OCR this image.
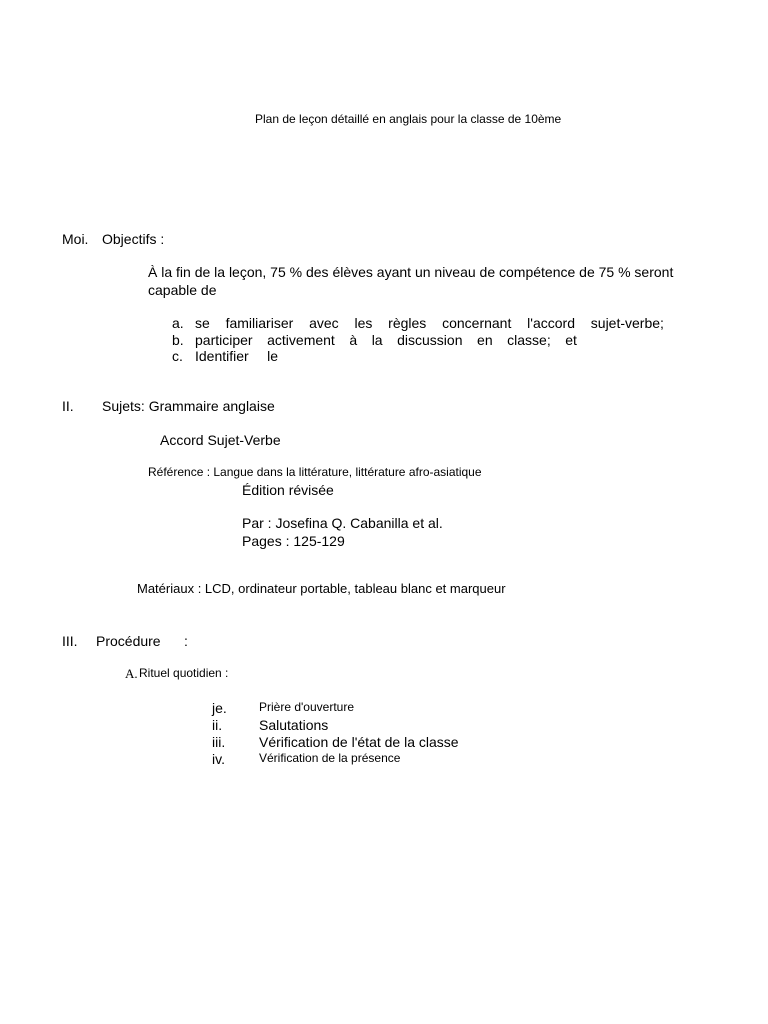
Plan de leçon détaillé en anglais pour la classe de 10ème
Moi. Objectifs :
À la fin de la leçon, 75 % des élèves ayant un niveau de compétence de 75 % seront
capable de
a. se familiariser avec les règles concernant l'accord sujet-verbe;
b. participer activement à la discussion en classe; et
c. Identifier le
II. Sujets: Grammaire anglaise
Accord Sujet-Verbe
Référence : Langue dans la littérature, littérature afro-asiatique
Édition révisée
Par : Josefina Q. Cabanilla et al.
Pages : 125-129
Matériaux : LCD, ordinateur portable, tableau blanc et marqueur
III. Procédure :
A. Rituel quotidien :
je.	Prière d'ouverture
ii.	Salutations
iii. Vérification de l'état de la classe
iv.	Vérification de la présence
